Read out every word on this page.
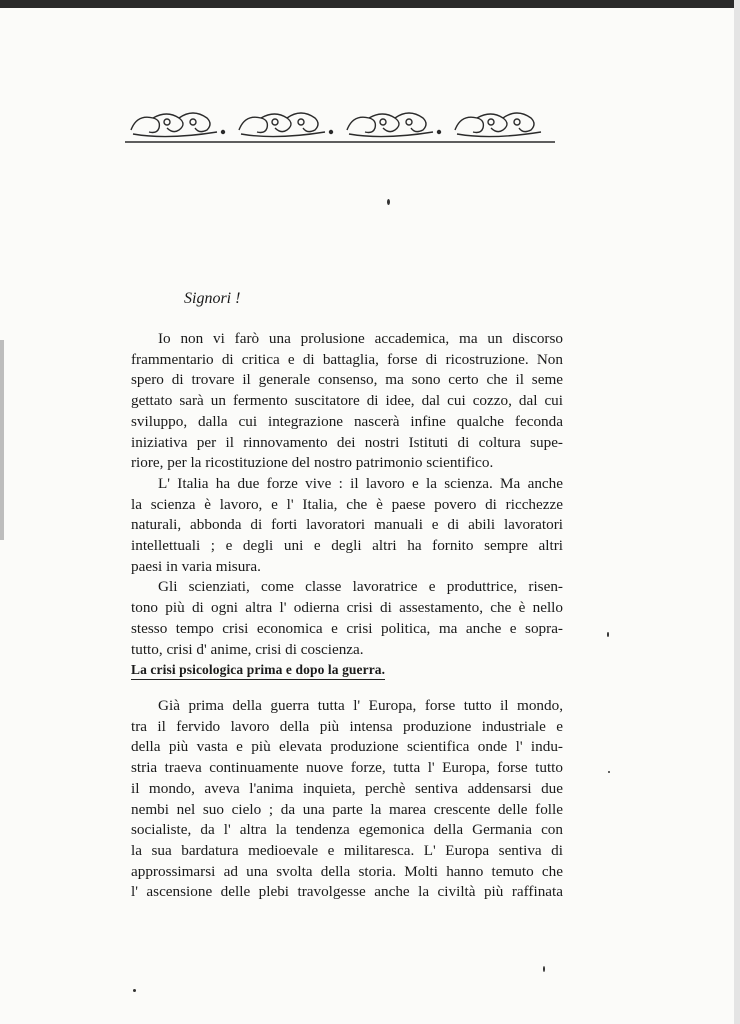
Signori !

Io non vi farò una prolusione accademica, ma un discorso

frammentario di critica e di battaglia, forse di ricostruzione. Non

spero di trovare il generale consenso, ma sono certo che il seme

gettato sarà un fermento suscitatore di idee, dal cui cozzo, dal cui

sviluppo, dalla cui integrazione nascerà infine qualche feconda

iniziativa per il rinnovamento dei nostri Istituti di coltura supe-

riore, per la ricostituzione del nostro patrimonio scientifico.

L' Italia ha due forze vive : il lavoro e la scienza. Ma anche

la scienza è lavoro, e l' Italia, che è paese povero di ricchezze

naturali, abbonda di forti lavoratori manuali e di abili lavoratori

intellettuali ; e degli uni e degli altri ha fornito sempre altri

paesi in varia misura.

Gli scienziati, come classe lavoratrice e produttrice, risen-

tono più di ogni altra l' odierna crisi di assestamento, che è nello

stesso tempo crisi economica e crisi politica, ma anche e sopra-

tutto, crisi d' anime, crisi di coscienza.

La crisi psicologica prima e dopo la guerra.

Già prima della guerra tutta l' Europa, forse tutto il mondo,

tra il fervido lavoro della più intensa produzione industriale e

della più vasta e più elevata produzione scientifica onde l' indu-

stria traeva continuamente nuove forze, tutta l' Europa, forse tutto

il mondo, aveva l'anima inquieta, perchè sentiva addensarsi due

nembi nel suo cielo ; da una parte la marea crescente delle folle

socialiste, da l' altra la tendenza egemonica della Germania con

la sua bardatura medioevale e militaresca. L' Europa sentiva di

approssimarsi ad una svolta della storia. Molti hanno temuto che

l' ascensione delle plebi travolgesse anche la civiltà più raffinata
